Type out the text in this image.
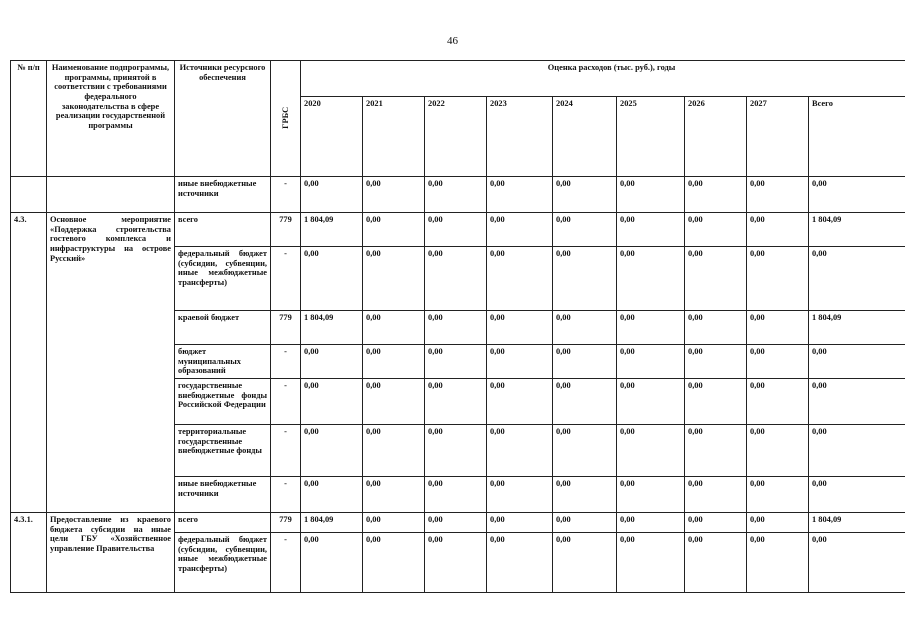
46
№ п/п	Наименование подпрограммы, программы, принятой в соответствии с требованиями федерального законодательства в сфере реализации государственной программы	Источники ресурсного обеспечения	ГРБС	Оценка расходов (тыс. руб.), годы								
				2020	2021	2022	2023	2024	2025	2026	2027	Всего
		иные внебюджетные источники	-	0,00	0,00	0,00	0,00	0,00	0,00	0,00	0,00	0,00
4.3.	Основное мероприятие «Поддержка строительства гостевого комплекса и инфраструктуры на острове Русский»	всего	779	1 804,09	0,00	0,00	0,00	0,00	0,00	0,00	0,00	1 804,09
		федеральный бюджет (субсидии, субвенции, иные межбюджетные трансферты)	-	0,00	0,00	0,00	0,00	0,00	0,00	0,00	0,00	0,00
		краевой бюджет	779	1 804,09	0,00	0,00	0,00	0,00	0,00	0,00	0,00	1 804,09
		бюджет муниципальных образований	-	0,00	0,00	0,00	0,00	0,00	0,00	0,00	0,00	0,00
		государственные внебюджетные фонды Российской Федерации	-	0,00	0,00	0,00	0,00	0,00	0,00	0,00	0,00	0,00
		территориальные государственные внебюджетные фонды	-	0,00	0,00	0,00	0,00	0,00	0,00	0,00	0,00	0,00
		иные внебюджетные источники	-	0,00	0,00	0,00	0,00	0,00	0,00	0,00	0,00	0,00
4.3.1.	Предоставление из краевого бюджета субсидии на иные цели ГБУ «Хозяйственное управление Правительства	всего	779	1 804,09	0,00	0,00	0,00	0,00	0,00	0,00	0,00	1 804,09
		федеральный бюджет (субсидии, субвенции, иные межбюджетные трансферты)	-	0,00	0,00	0,00	0,00	0,00	0,00	0,00	0,00	0,00
